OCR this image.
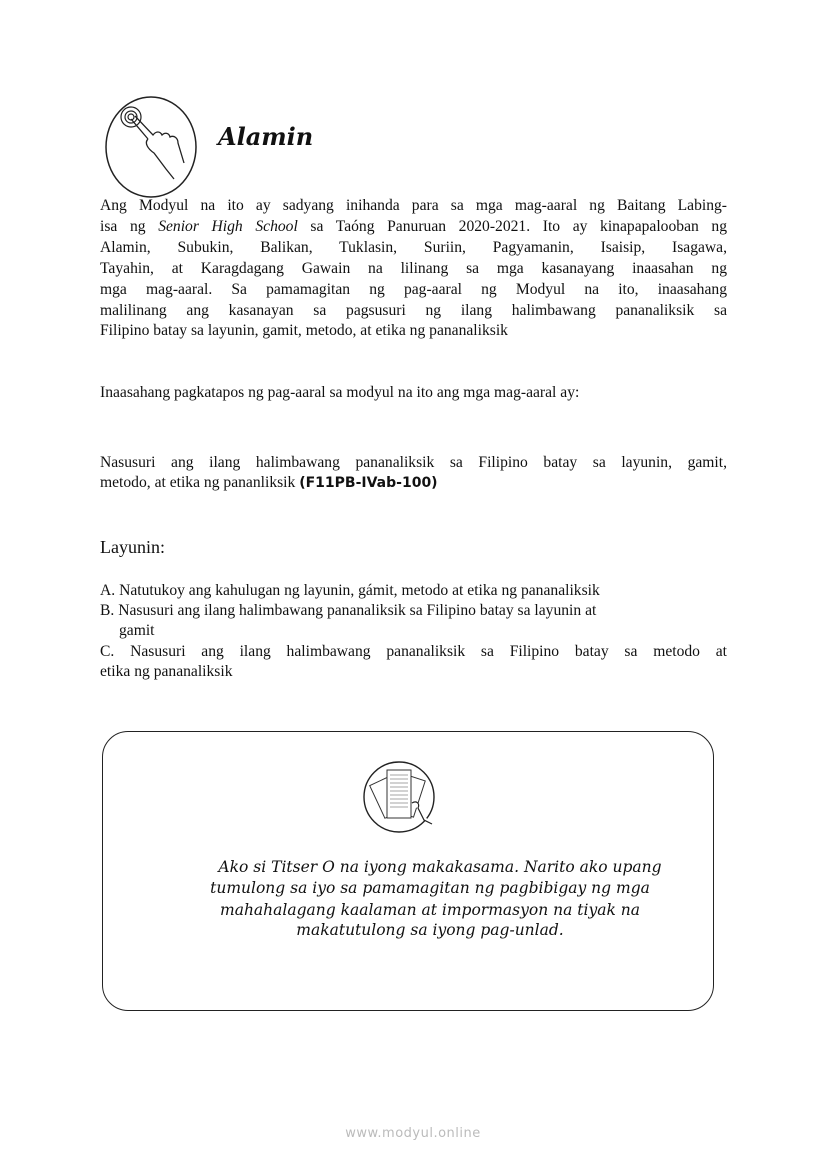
Alamin
Ang Modyul na ito ay sadyang inihanda para sa mga mag-aaral ng Baitang Labing-
isa ng Senior High School sa Taóng Panuruan 2020-2021. Ito ay kinapapalooban ng
Alamin, Subukin, Balikan, Tuklasin, Suriin, Pagyamanin, Isaisip, Isagawa,
Tayahin, at Karagdagang Gawain na lilinang sa mga kasanayang inaasahan ng
mga mag-aaral. Sa pamamagitan ng pag-aaral ng Modyul na ito, inaasahang
malilinang ang kasanayan sa pagsusuri ng ilang halimbawang pananaliksik sa
Filipino batay sa layunin, gamit, metodo, at etika ng pananaliksik
Inaasahang pagkatapos ng pag-aaral sa modyul na ito ang mga mag-aaral ay:
Nasusuri ang ilang halimbawang pananaliksik sa Filipino batay sa layunin, gamit,
metodo, at etika ng pananliksik (F11PB-IVab-100)
Layunin:
A. Natutukoy ang kahulugan ng layunin, gámit, metodo at etika ng pananaliksik
B. Nasusuri ang ilang halimbawang pananaliksik sa Filipino batay sa layunin at
gamit
C. Nasusuri ang ilang halimbawang pananaliksik sa Filipino batay sa metodo at
etika ng pananaliksik
Ako si Titser O na iyong makakasama. Narito ako upang
tumulong sa iyo sa pamamagitan ng pagbibigay ng mga
mahahalagang kaalaman at impormasyon na tiyak na
makatutulong sa iyong pag-unlad.
www.modyul.online
